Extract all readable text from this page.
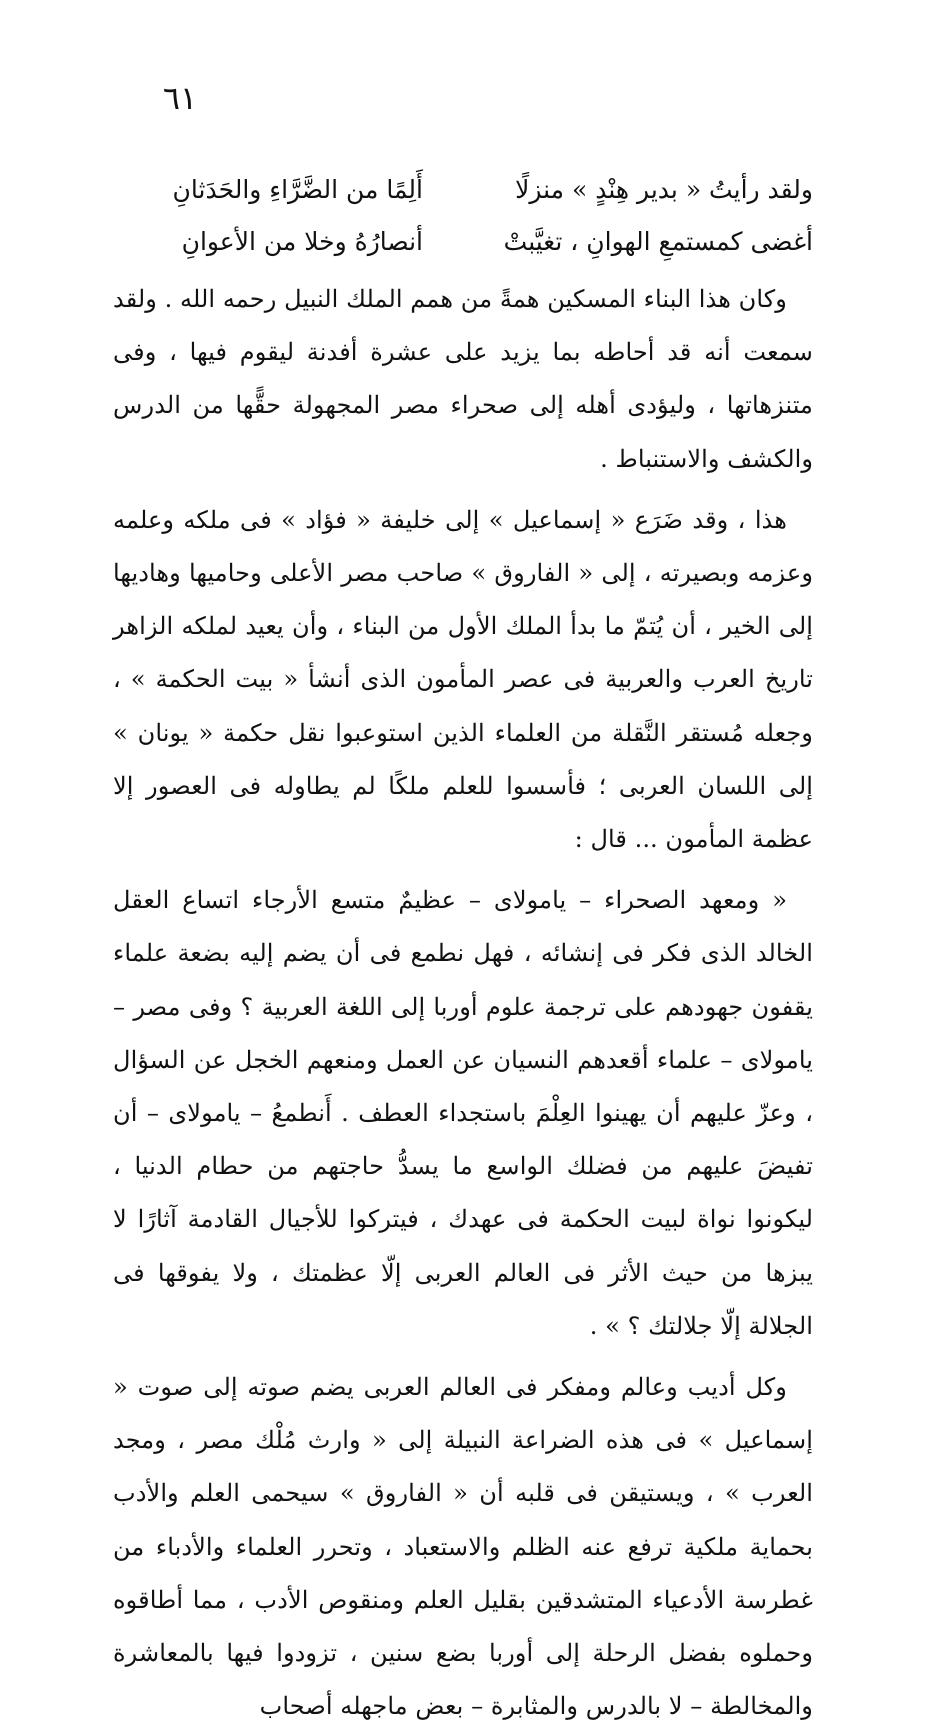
٦١
ولقد رأيتُ « بدير هِنْدٍ » منزلًا
أَلِمًا من الضَّرَّاءِ والحَدَثانِ
أغضى كمستمعِ الهوانِ ، تغيَّبتْ
أنصارُهُ وخلا من الأعوانِ

وكان هذا البناء المسكين همةً من همم الملك النبيل رحمه الله . ولقد سمعت أنه قد أحاطه بما يزيد على عشرة أفدنة ليقوم فيها ، وفى متنزهاتها ، وليؤدى أهله إلى صحراء مصر المجهولة حقًّها من الدرس والكشف والاستنباط .

هذا ، وقد ضَرَع « إسماعيل » إلى خليفة « فؤاد » فى ملكه وعلمه وعزمه وبصيرته ، إلى « الفاروق » صاحب مصر الأعلى وحاميها وهاديها إلى الخير ، أن يُتمّ ما بدأ الملك الأول من البناء ، وأن يعيد لملكه الزاهر تاريخ العرب والعربية فى عصر المأمون الذى أنشأ « بيت الحكمة » ، وجعله مُستقر النَّقلة من العلماء الذين استوعبوا نقل حكمة « يونان » إلى اللسان العربى ؛ فأسسوا للعلم ملكًا لم يطاوله فى العصور إلا عظمة المأمون ... قال :

« ومعهد الصحراء – يامولاى – عظيمٌ متسع الأرجاء اتساع العقل الخالد الذى فكر فى إنشائه ، فهل نطمع فى أن يضم إليه بضعة علماء يقفون جهودهم على ترجمة علوم أوربا إلى اللغة العربية ؟ وفى مصر – يامولاى – علماء أقعدهم النسيان عن العمل ومنعهم الخجل عن السؤال ، وعزّ عليهم أن يهينوا العِلْمَ باستجداء العطف . أَنطمعُ – يامولاى – أن تفيضَ عليهم من فضلك الواسع ما يسدُّ حاجتهم من حطام الدنيا ، ليكونوا نواة لبيت الحكمة فى عهدك ، فيتركوا للأجيال القادمة آثارًا لا يبزها من حيث الأثر فى العالم العربى إلّا عظمتك ، ولا يفوقها فى الجلالة إلّا جلالتك ؟ » .

وكل أديب وعالم ومفكر فى العالم العربى يضم صوته إلى صوت « إسماعيل » فى هذه الضراعة النبيلة إلى « وارث مُلْك مصر ، ومجد العرب » ، ويستيقن فى قلبه أن « الفاروق » سيحمى العلم والأدب بحماية ملكية ترفع عنه الظلم والاستعباد ، وتحرر العلماء والأدباء من غطرسة الأدعياء المتشدقين بقليل العلم ومنقوص الأدب ، مما أطاقوه وحملوه بفضل الرحلة إلى أوربا بضع سنين ، تزودوا فيها بالمعاشرة والمخالطة – لا بالدرس والمثابرة – بعض ماجهله أصحاب
